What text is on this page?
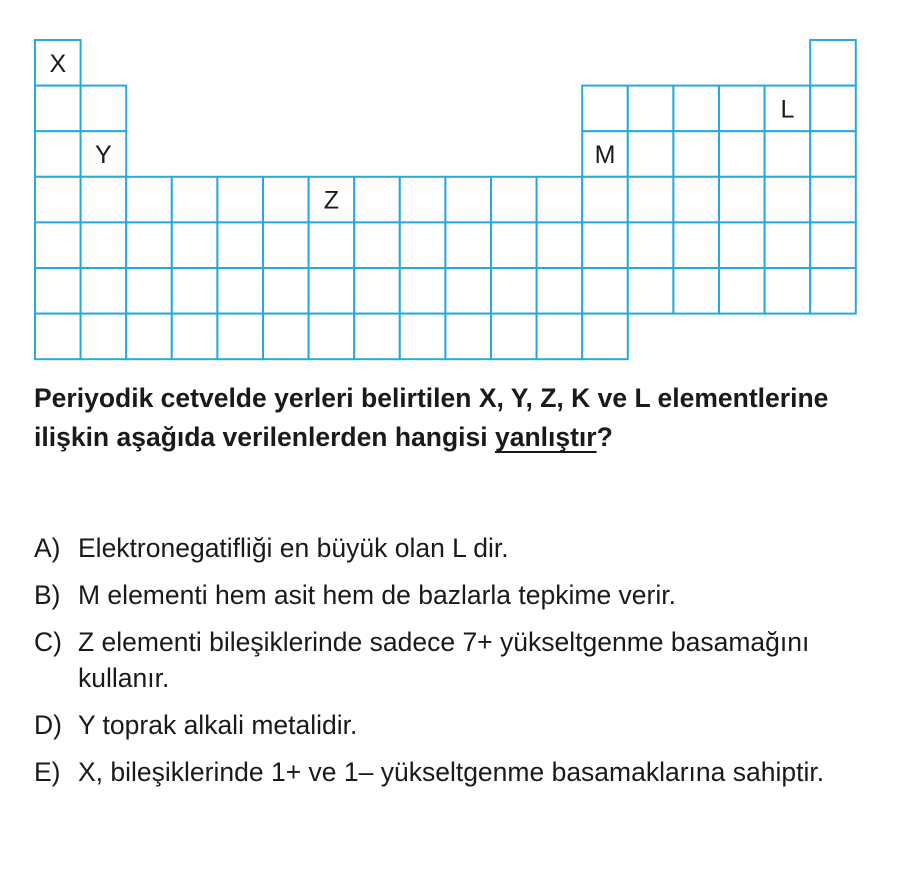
X
Y
Z
M
L

Periyodik cetvelde yerleri belirtilen X, Y, Z, K ve L elementlerine ilişkin aşağıda verilenlerden hangisi yanlıştır?

A) Elektronegatifliği en büyük olan L dir.
B) M elementi hem asit hem de bazlarla tepkime verir.
C) Z elementi bileşiklerinde sadece 7+ yükseltgenme basamağını kullanır.
D) Y toprak alkali metalidir.
E) X, bileşiklerinde 1+ ve 1– yükseltgenme basamaklarına sahiptir.
